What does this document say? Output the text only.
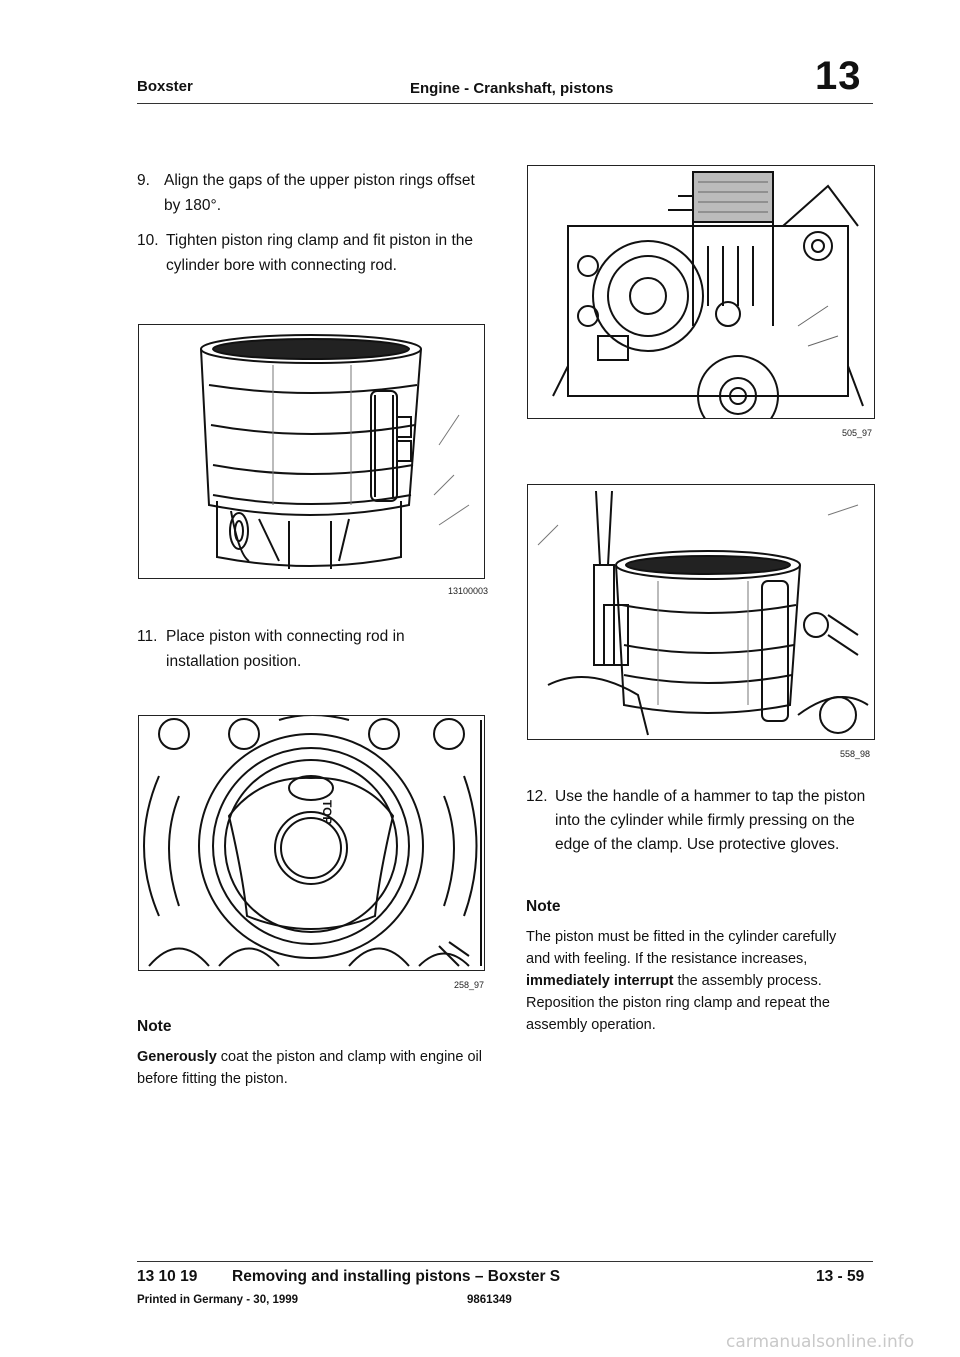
Boxster	Engine - Crankshaft, pistons	13
9. Align the gaps of the upper piston rings offset by 180°.
10. Tighten piston ring clamp and fit piston in the cylinder bore with connecting rod.
13100003
11. Place piston with connecting rod in installation position.
TOP
258_97
Note
Generously coat the piston and clamp with engine oil before fitting the piston.
505_97
558_98
12. Use the handle of a hammer to tap the piston into the cylinder while firmly pressing on the edge of the clamp. Use protective gloves.
Note
The piston must be fitted in the cylinder carefully and with feeling. If the resistance increases, immediately interrupt the assembly process. Reposition the piston ring clamp and repeat the assembly operation.
13 10 19 Removing and installing pistons – Boxster S	13 - 59
Printed in Germany - 30, 1999	9861349
carmanualsonline.info
